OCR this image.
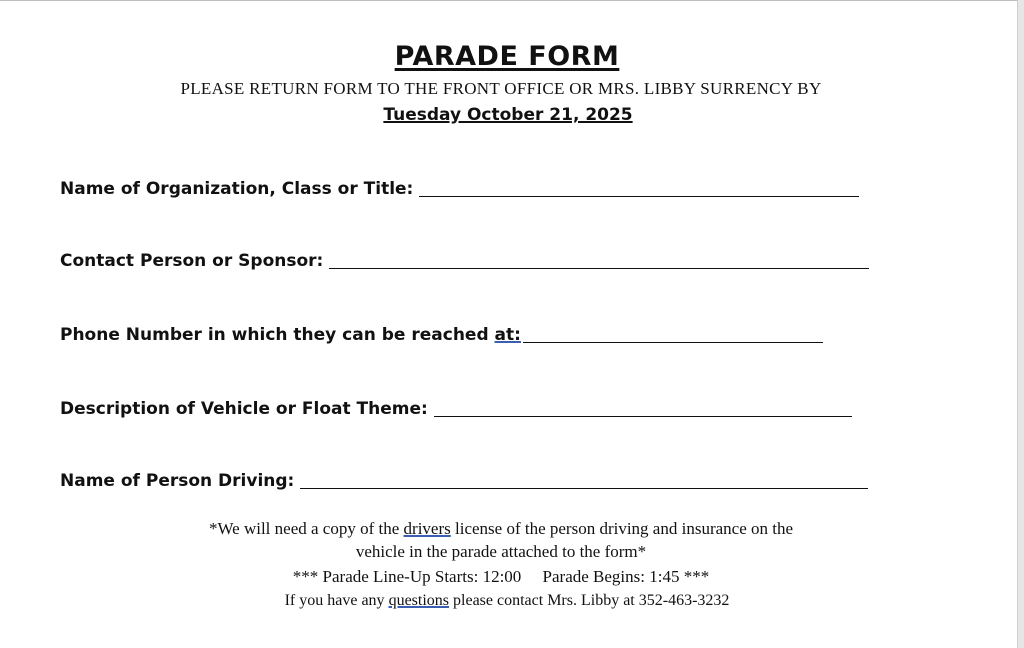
PARADE FORM
PLEASE RETURN FORM TO THE FRONT OFFICE OR MRS. LIBBY SURRENCY BY
Tuesday October 21, 2025
Name of Organization, Class or Title:
Contact Person or Sponsor:
Phone Number in which they can be reached at:
Description of Vehicle or Float Theme:
Name of Person Driving:
*We will need a copy of the drivers license of the person driving and insurance on the
vehicle in the parade attached to the form*
*** Parade Line-Up Starts: 12:00     Parade Begins: 1:45 ***
If you have any questions please contact Mrs. Libby at 352-463-3232
